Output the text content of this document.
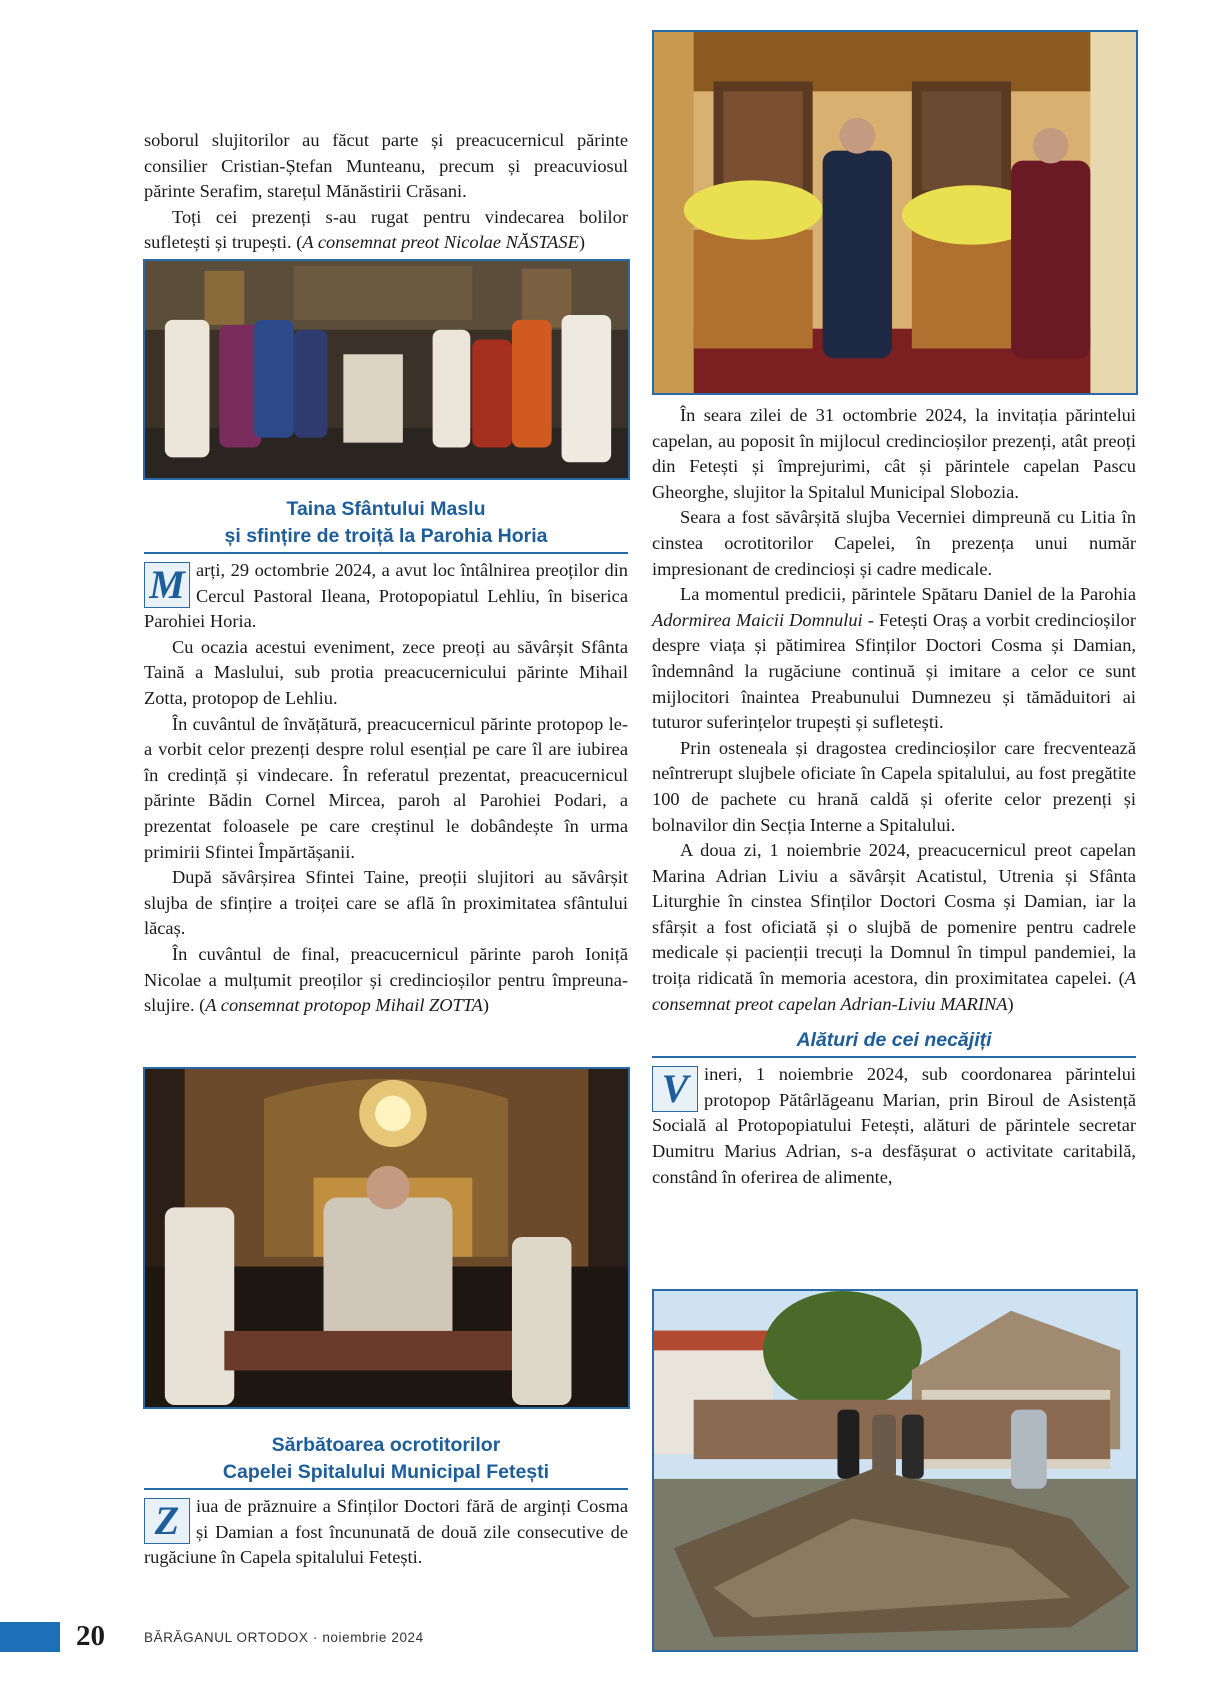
soborul slujitorilor au făcut parte și preacucernicul părinte consilier Cristian-Ștefan Munteanu, precum și preacuviosul părinte Serafim, starețul Mănăstirii Crăsani.

Toți cei prezenți s-au rugat pentru vindecarea bolilor sufletești și trupești. (A consemnat preot Nicolae NĂSTASE)

Taina Sfântului Maslu
și sfințire de troiță la Parohia Horia

M arți, 29 octombrie 2024, a avut loc întâlnirea preoților din Cercul Pastoral Ileana, Protopopiatul Lehliu, în biserica Parohiei Horia.

Cu ocazia acestui eveniment, zece preoți au săvârșit Sfânta Taină a Maslului, sub protia preacucernicului părinte Mihail Zotta, protopop de Lehliu.

În cuvântul de învățătură, preacucernicul părinte protopop le-a vorbit celor prezenți despre rolul esențial pe care îl are iubirea în credință și vindecare. În referatul prezentat, preacucernicul părinte Bădin Cornel Mircea, paroh al Parohiei Podari, a prezentat foloasele pe care creștinul le dobândește în urma primirii Sfintei Împărtășanii.

După săvârșirea Sfintei Taine, preoții slujitori au săvârșit slujba de sfințire a troiței care se află în proximitatea sfântului lăcaș.

În cuvântul de final, preacucernicul părinte paroh Ioniță Nicolae a mulțumit preoților și credincioșilor pentru împreuna-slujire. (A consemnat protopop Mihail ZOTTA)

Sărbătoarea ocrotitorilor
Capelei Spitalului Municipal Fetești

Z iua de prăznuire a Sfinților Doctori fără de arginți Cosma și Damian a fost încununată de două zile consecutive de rugăciune în Capela spitalului Fetești.

În seara zilei de 31 octombrie 2024, la invitația părintelui capelan, au poposit în mijlocul credincioșilor prezenți, atât preoți din Fetești și împrejurimi, cât și părintele capelan Pascu Gheorghe, slujitor la Spitalul Municipal Slobozia.

Seara a fost săvârșită slujba Vecerniei dimpreună cu Litia în cinstea ocrotitorilor Capelei, în prezența unui număr impresionant de credincioși și cadre medicale.

La momentul predicii, părintele Spătaru Daniel de la Parohia Adormirea Maicii Domnului - Fetești Oraș a vorbit credincioșilor despre viața și pătimirea Sfinților Doctori Cosma și Damian, îndemnând la rugăciune continuă și imitare a celor ce sunt mijlocitori înaintea Preabunului Dumnezeu și tămăduitori ai tuturor suferințelor trupești și sufletești.

Prin osteneala și dragostea credincioșilor care frecventează neîntrerupt slujbele oficiate în Capela spitalului, au fost pregătite 100 de pachete cu hrană caldă și oferite celor prezenți și bolnavilor din Secția Interne a Spitalului.

A doua zi, 1 noiembrie 2024, preacucernicul preot capelan Marina Adrian Liviu a săvârșit Acatistul, Utrenia și Sfânta Liturghie în cinstea Sfinților Doctori Cosma și Damian, iar la sfârșit a fost oficiată și o slujbă de pomenire pentru cadrele medicale și pacienții trecuți la Domnul în timpul pandemiei, la troița ridicată în memoria acestora, din proximitatea capelei. (A consemnat preot capelan Adrian-Liviu MARINA)

Alături de cei necăjiți

V ineri, 1 noiembrie 2024, sub coordonarea părintelui protopop Pătârlăgeanu Marian, prin Biroul de Asistență Socială al Protopopiatului Fetești, alături de părintele secretar Dumitru Marius Adrian, s-a desfășurat o activitate caritabilă, constând în oferirea de alimente,

20	BĂRĂGANUL ORTODOX · noiembrie 2024
